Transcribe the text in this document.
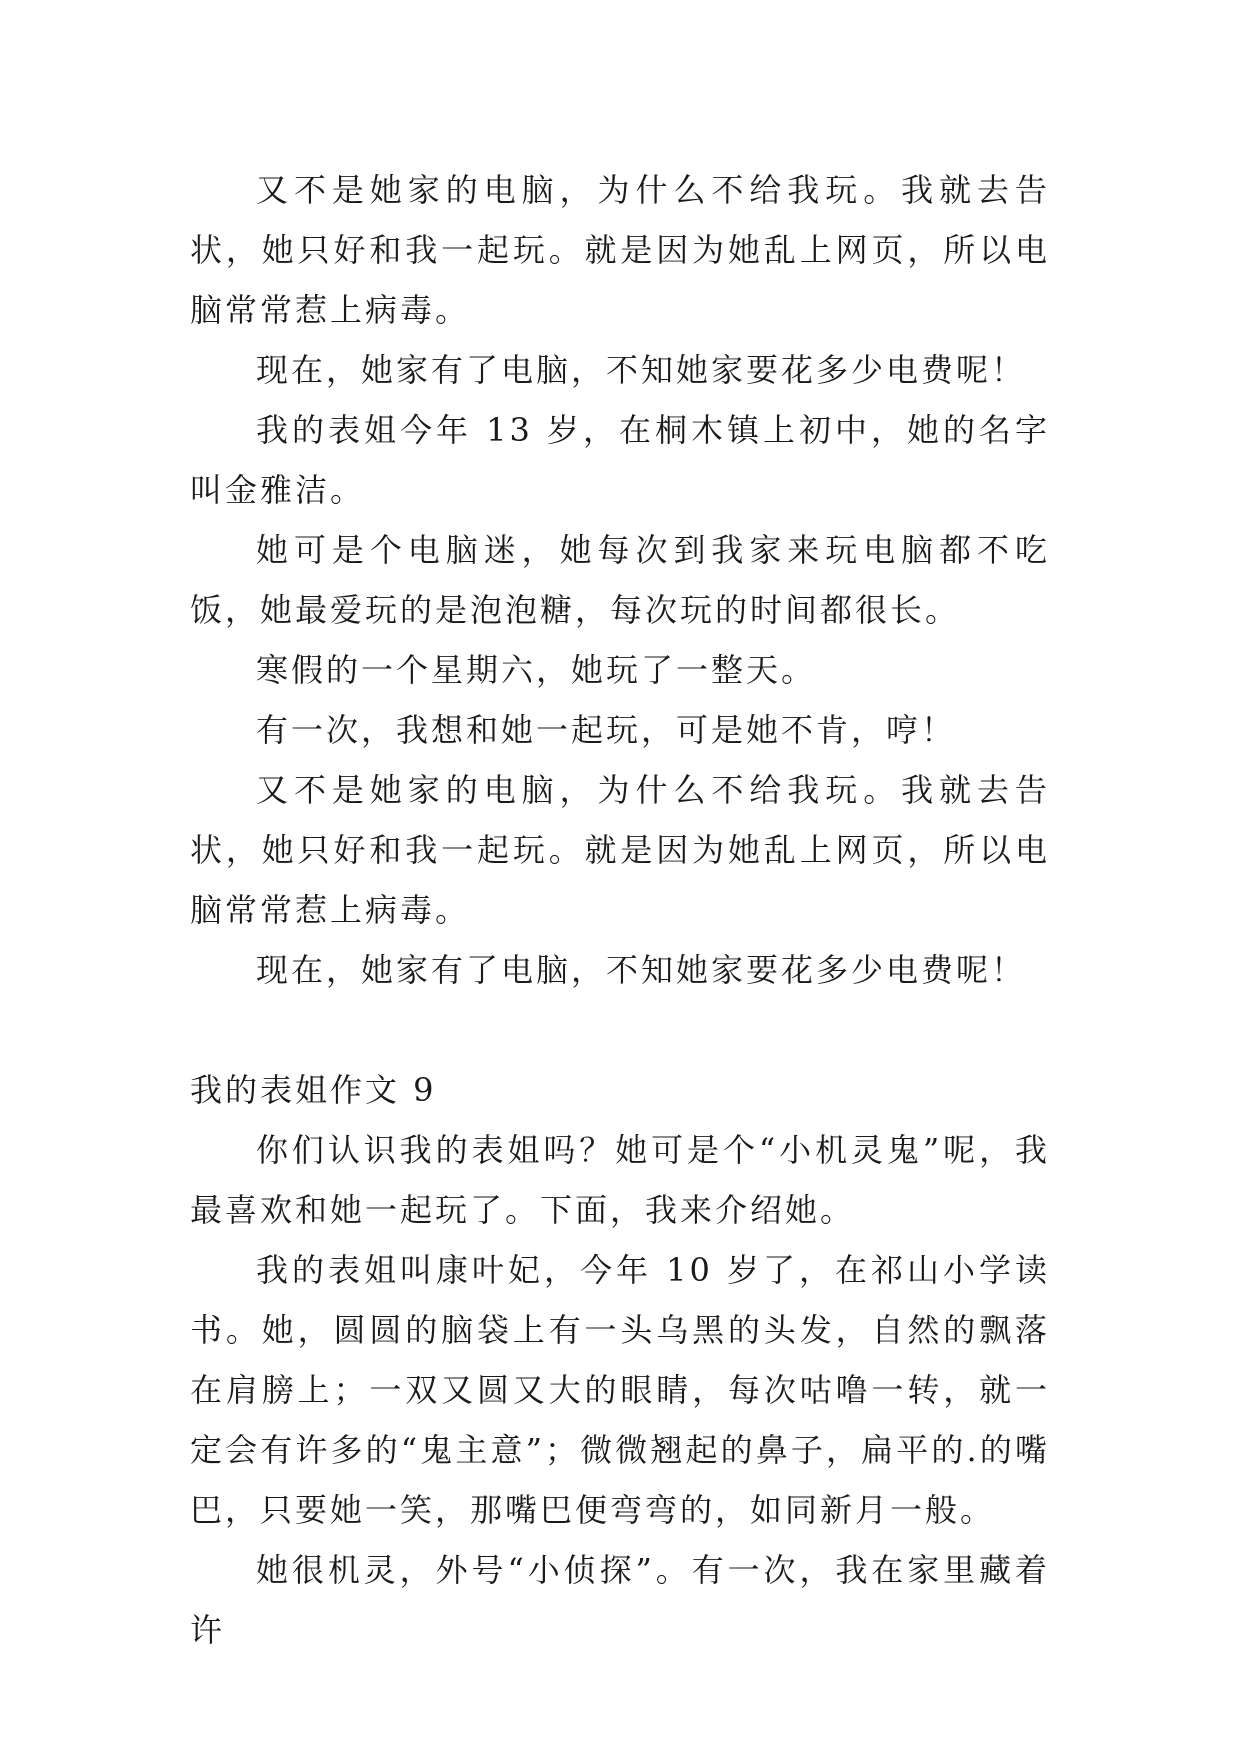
又不是她家的电脑，为什么不给我玩。我就去告状，她只好和我一起玩。就是因为她乱上网页，所以电脑常常惹上病毒。

现在，她家有了电脑，不知她家要花多少电费呢！

我的表姐今年 13 岁，在桐木镇上初中，她的名字叫金雅洁。

她可是个电脑迷，她每次到我家来玩电脑都不吃饭，她最爱玩的是泡泡糖，每次玩的时间都很长。

寒假的一个星期六，她玩了一整天。

有一次，我想和她一起玩，可是她不肯，哼！

又不是她家的电脑，为什么不给我玩。我就去告状，她只好和我一起玩。就是因为她乱上网页，所以电脑常常惹上病毒。

现在，她家有了电脑，不知她家要花多少电费呢！

我的表姐作文 9

你们认识我的表姐吗？她可是个“小机灵鬼”呢，我最喜欢和她一起玩了。下面，我来介绍她。

我的表姐叫康叶妃，今年 10 岁了，在祁山小学读书。她，圆圆的脑袋上有一头乌黑的头发，自然的飘落在肩膀上；一双又圆又大的眼睛，每次咕噜一转，就一定会有许多的“鬼主意”；微微翘起的鼻子，扁平的.的嘴巴，只要她一笑，那嘴巴便弯弯的，如同新月一般。

她很机灵，外号“小侦探”。有一次，我在家里藏着许
